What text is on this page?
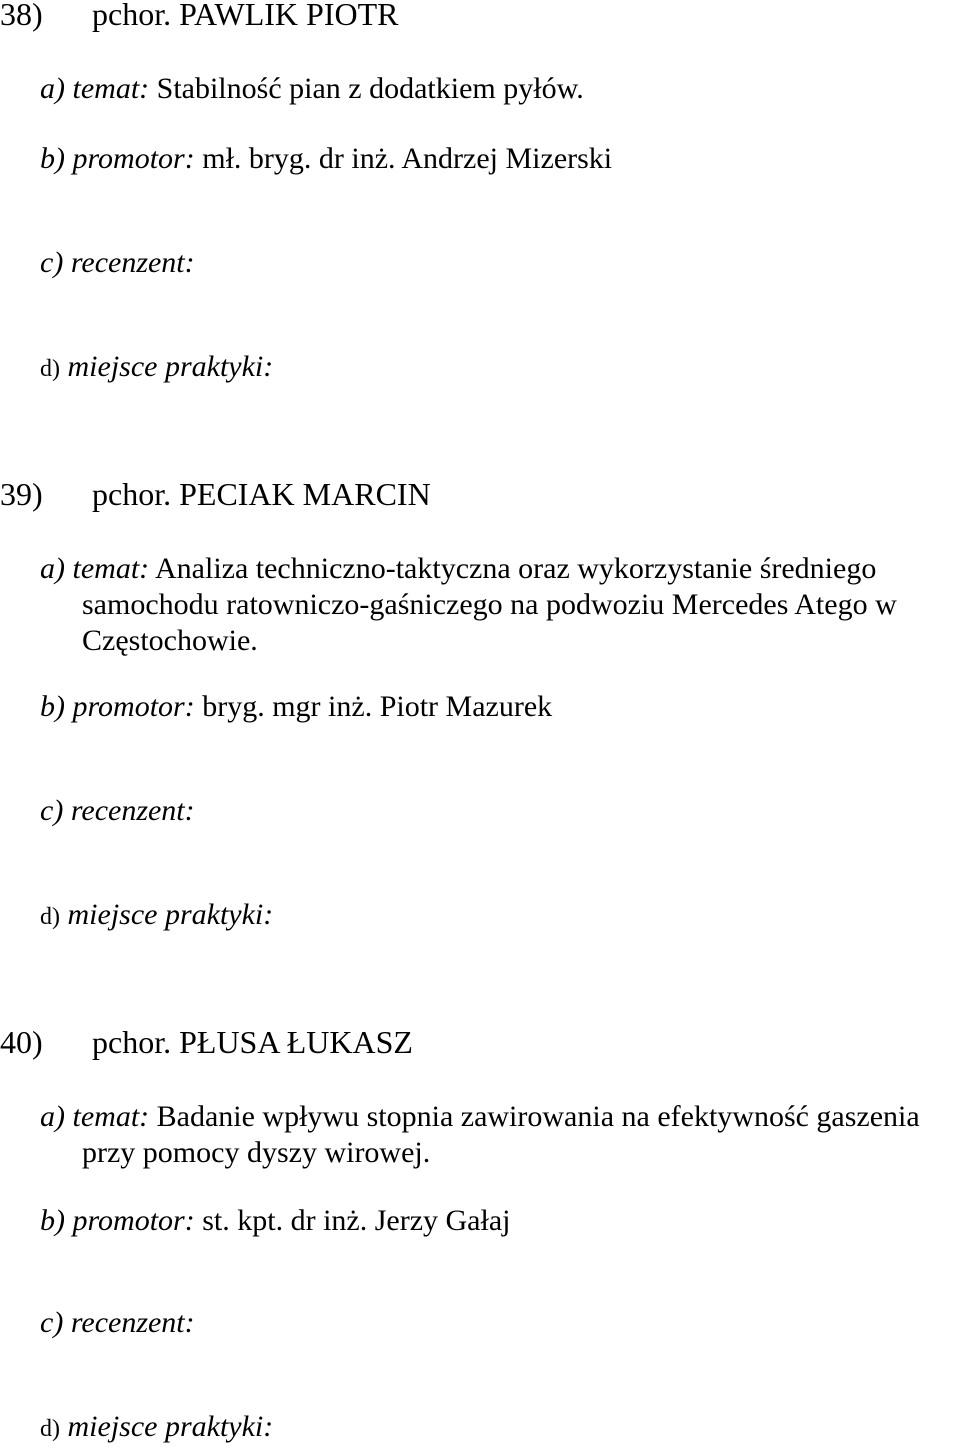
38) pchor. PAWLIK PIOTR
a) temat: Stabilność pian z dodatkiem pyłów.
b) promotor: mł. bryg. dr inż. Andrzej Mizerski
c) recenzent:
d) miejsce praktyki:
39) pchor. PECIAK MARCIN
a) temat: Analiza techniczno-taktyczna oraz wykorzystanie średniego
samochodu ratowniczo-gaśniczego na podwoziu Mercedes Atego w
Częstochowie.
b) promotor: bryg. mgr inż. Piotr Mazurek
c) recenzent:
d) miejsce praktyki:
40) pchor. PŁUSA ŁUKASZ
a) temat: Badanie wpływu stopnia zawirowania na efektywność gaszenia
przy pomocy dyszy wirowej.
b) promotor: st. kpt. dr inż. Jerzy Gałaj
c) recenzent:
d) miejsce praktyki:
